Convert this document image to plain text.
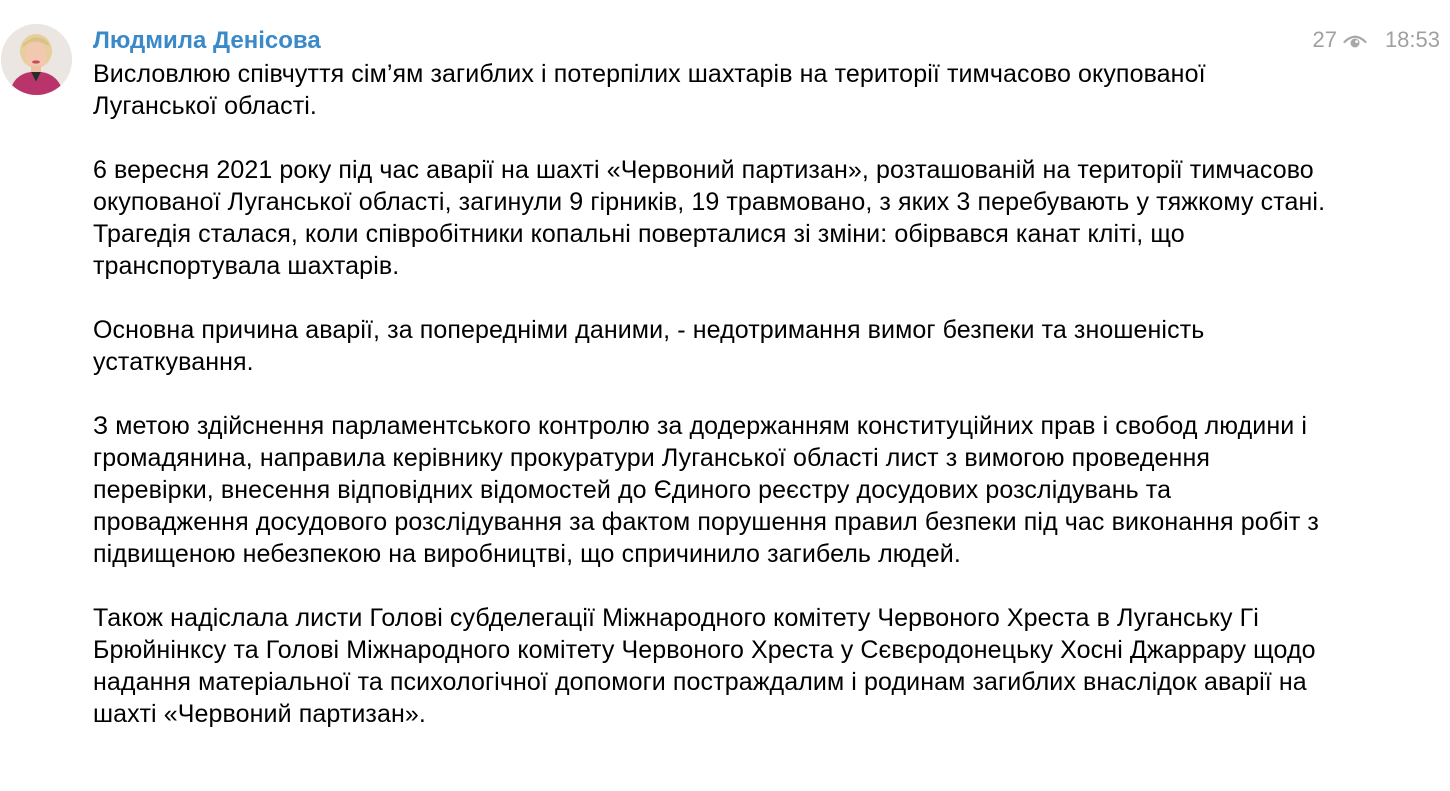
27 18:53
Людмила Денісова

Висловлюю співчуття сім’ям загиблих і потерпілих шахтарів на території тимчасово окупованої Луганської області.

6 вересня 2021 року під час аварії на шахті «Червоний партизан», розташованій на території тимчасово окупованої Луганської області, загинули 9 гірників, 19 травмовано, з яких 3 перебувають у тяжкому стані. Трагедія сталася, коли співробітники копальні поверталися зі зміни: обірвався канат кліті, що транспортувала шахтарів.

Основна причина аварії, за попередніми даними, - недотримання вимог безпеки та зношеність устаткування.

З метою здійснення парламентського контролю за додержанням конституційних прав і свобод людини і громадянина, направила керівнику прокуратури Луганської області лист з вимогою проведення перевірки, внесення відповідних відомостей до Єдиного реєстру досудових розслідувань та провадження досудового розслідування за фактом порушення правил безпеки під час виконання робіт з підвищеною небезпекою на виробництві, що спричинило загибель людей.

Також надіслала листи Голові субделегації Міжнародного комітету Червоного Хреста в Луганську Гі Брюйнінксу та Голові Міжнародного комітету Червоного Хреста у Сєвєродонецьку Хосні Джаррару щодо надання матеріальної та психологічної допомоги постраждалим і родинам загиблих внаслідок аварії на шахті «Червоний партизан».
